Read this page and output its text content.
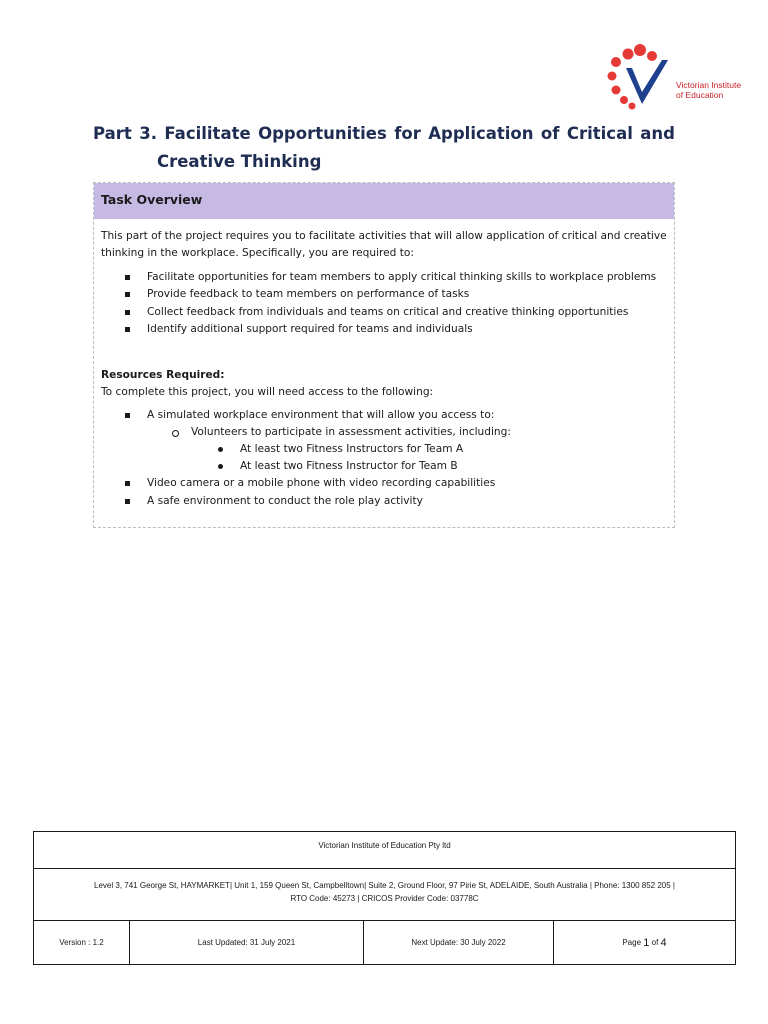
Victorian Institute
of Education
Part 3. Facilitate Opportunities for Application of Critical and
Creative Thinking
Task Overview

This part of the project requires you to facilitate activities that will allow application of critical and creative thinking in the workplace. Specifically, you are required to:

Facilitate opportunities for team members to apply critical thinking skills to workplace problems
Provide feedback to team members on performance of tasks
Collect feedback from individuals and teams on critical and creative thinking opportunities
Identify additional support required for teams and individuals

Resources Required:

To complete this project, you will need access to the following:

A simulated workplace environment that will allow you access to:
Volunteers to participate in assessment activities, including:
At least two Fitness Instructors for Team A
At least two Fitness Instructor for Team B
Video camera or a mobile phone with video recording capabilities
A safe environment to conduct the role play activity
Victorian Institute of Education Pty ltd
Level 3, 741 George St, HAYMARKET| Unit 1, 159 Queen St, Campbelltown| Suite 2, Ground Floor, 97 Pirie St, ADELAIDE, South Australia | Phone: 1300 852 205 |
RTO Code: 45273 | CRICOS Provider Code: 03778C
Version : 1.2	Last Updated: 31 July 2021	Next Update: 30 July 2022	Page
1
of
4
